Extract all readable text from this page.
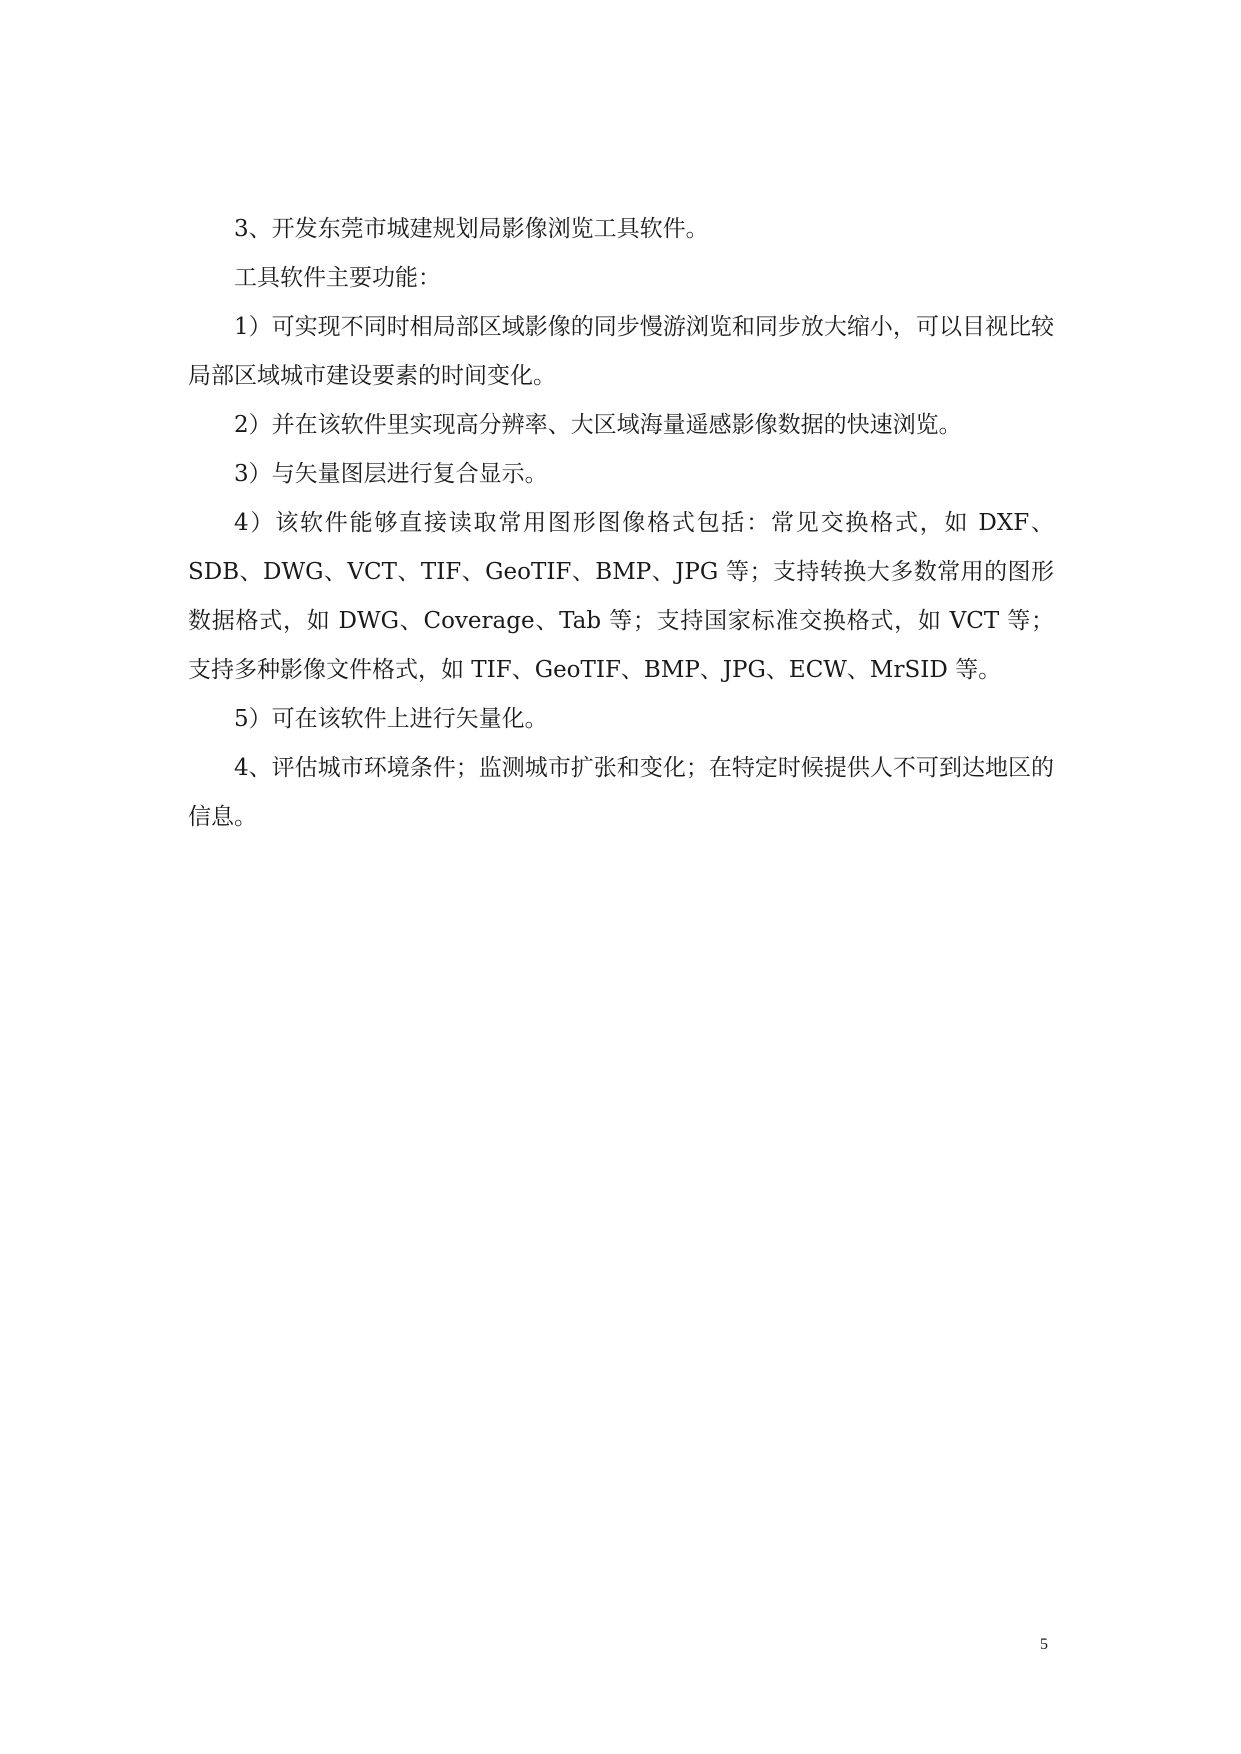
3、开发东莞市城建规划局影像浏览工具软件。

工具软件主要功能：

1）可实现不同时相局部区域影像的同步慢游浏览和同步放大缩小，可以目视比较局部区域城市建设要素的时间变化。

2）并在该软件里实现高分辨率、大区域海量遥感影像数据的快速浏览。

3）与矢量图层进行复合显示。

4）该软件能够直接读取常用图形图像格式包括：常见交换格式，如 DXF、SDB、DWG、VCT、TIF、GeoTIF、BMP、JPG 等；支持转换大多数常用的图形数据格式，如 DWG、Coverage、Tab 等；支持国家标准交换格式，如 VCT 等；支持多种影像文件格式，如 TIF、GeoTIF、BMP、JPG、ECW、MrSID 等。

5）可在该软件上进行矢量化。

4、评估城市环境条件；监测城市扩张和变化；在特定时候提供人不可到达地区的信息。

5
